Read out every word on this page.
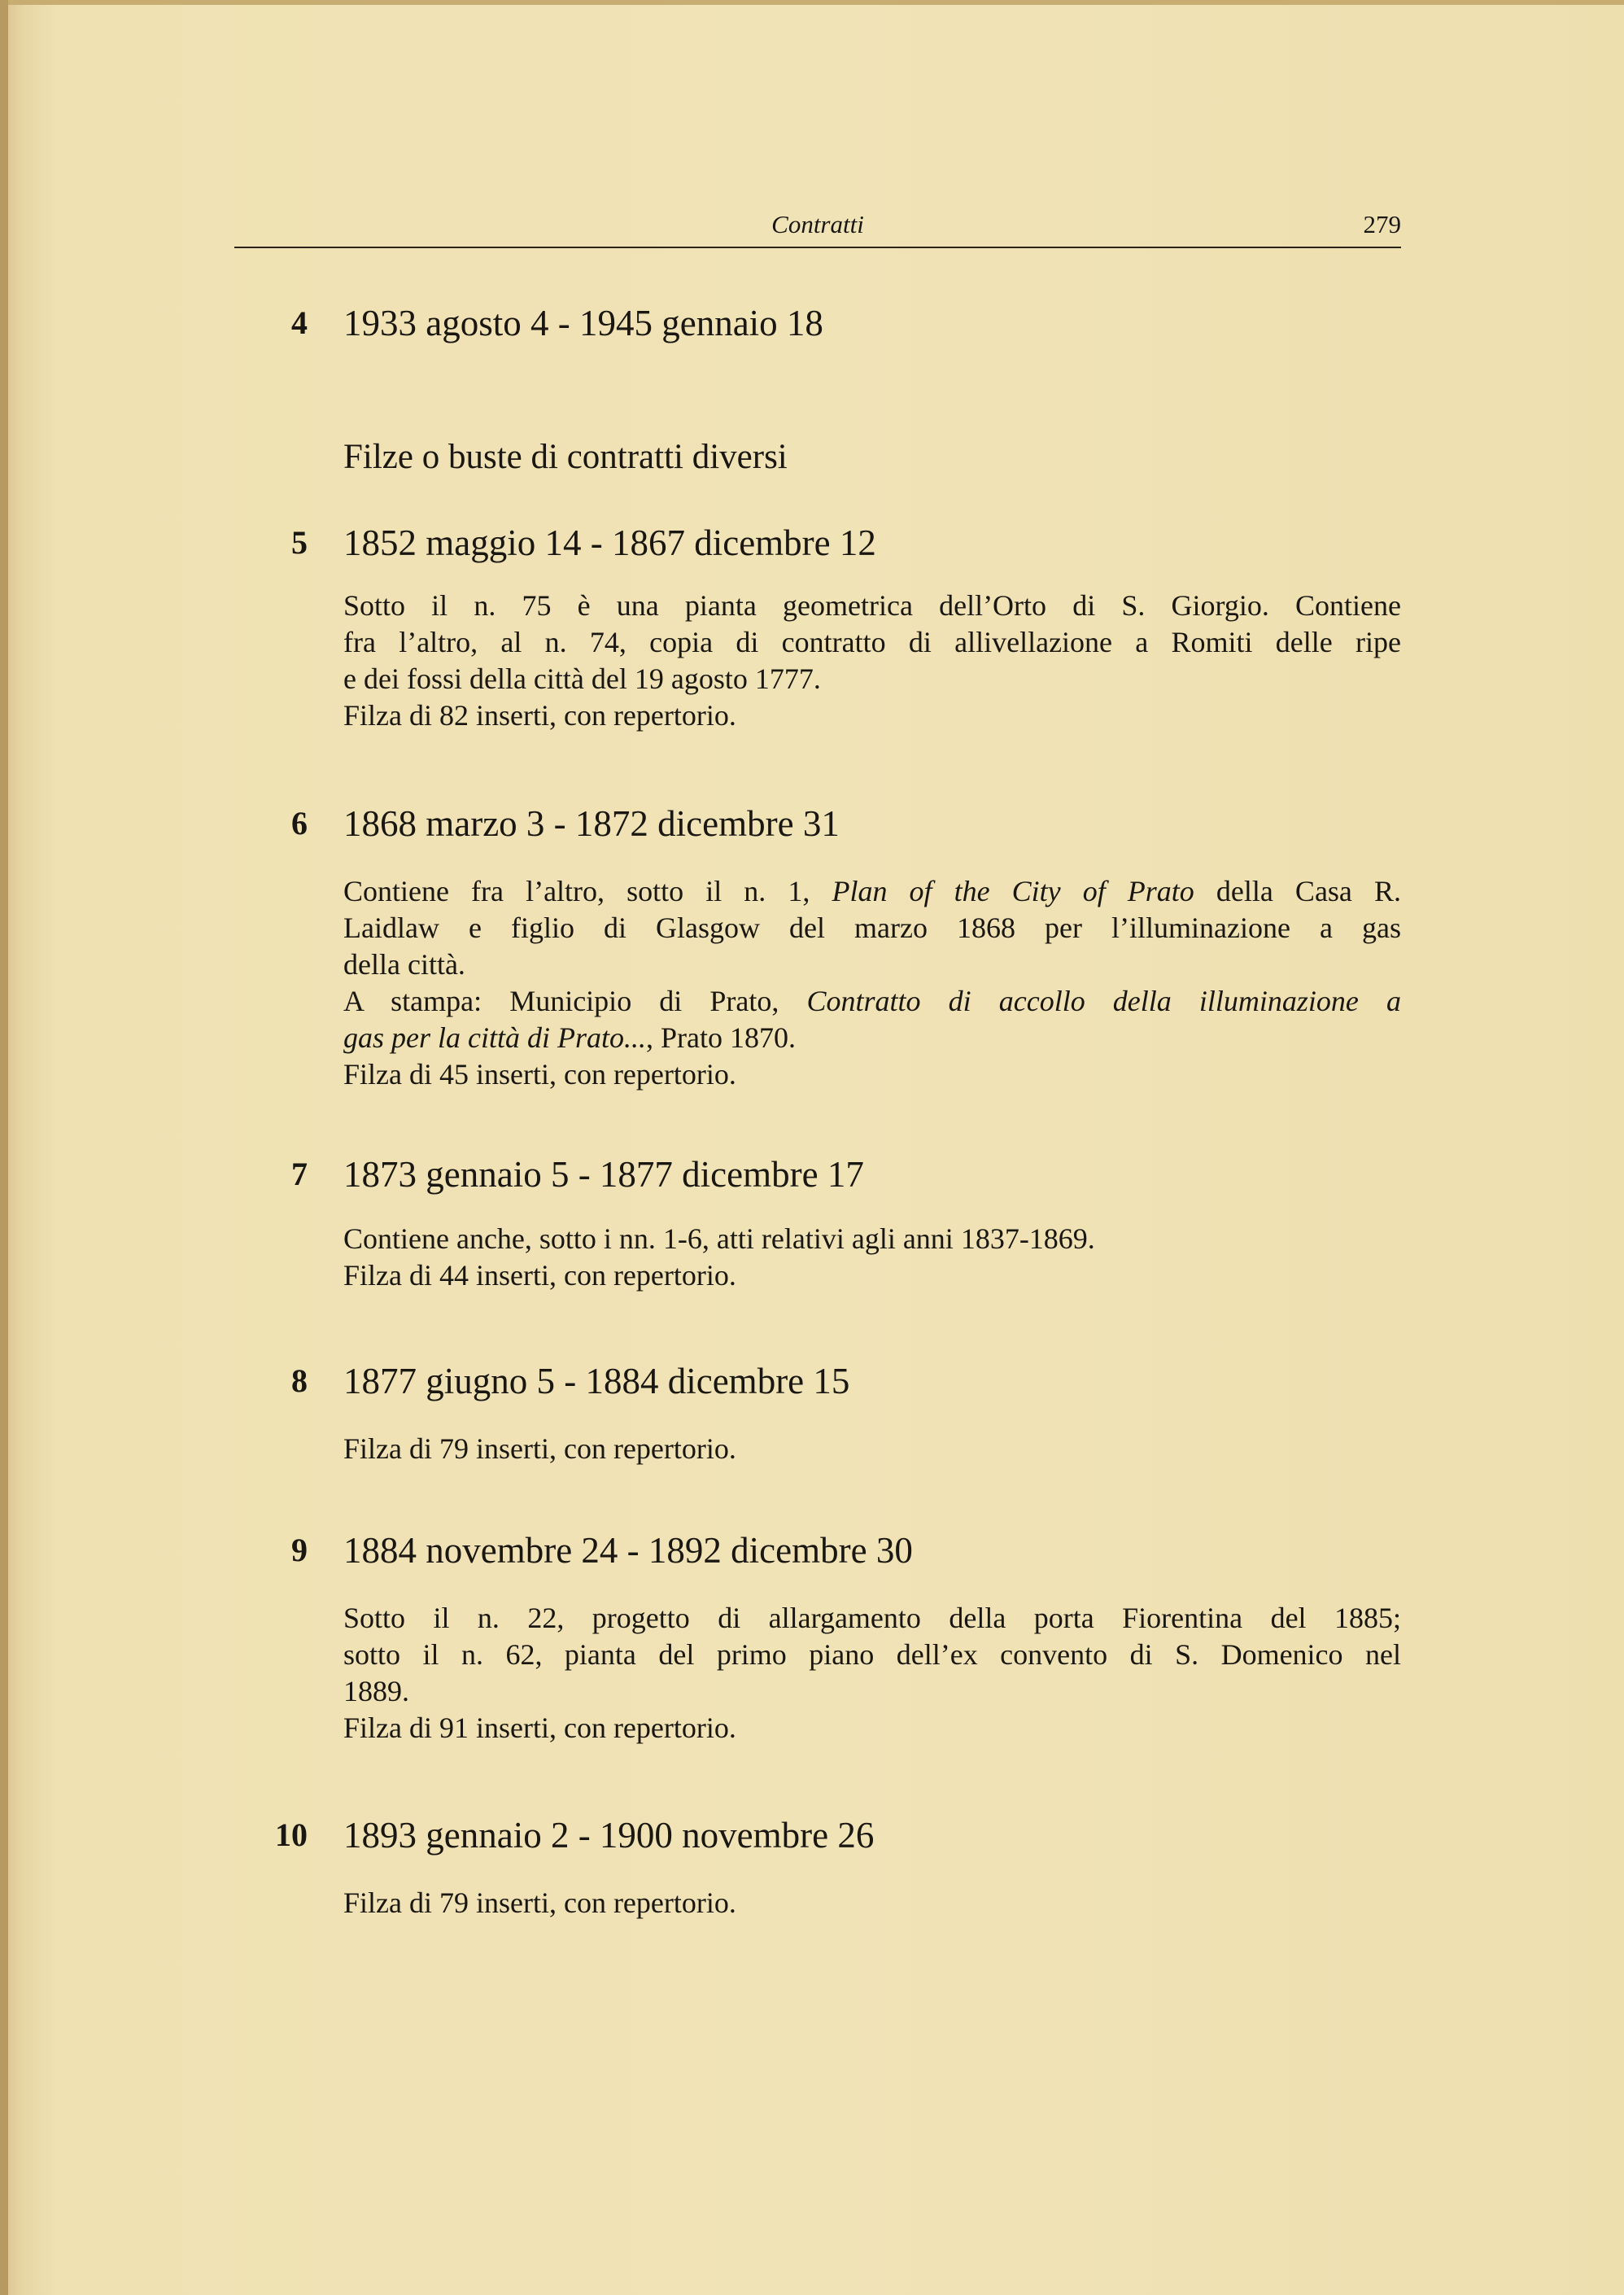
Contratti	279
4 1933 agosto 4 - 1945 gennaio 18
Filze o buste di contratti diversi
5 1852 maggio 14 - 1867 dicembre 12
Sotto il n. 75 è una pianta geometrica dell’Orto di S. Giorgio. Contiene
fra l’altro, al n. 74, copia di contratto di allivellazione a Romiti delle ripe
e dei fossi della città del 19 agosto 1777.
Filza di 82 inserti, con repertorio.
6 1868 marzo 3 - 1872 dicembre 31
Contiene fra l’altro, sotto il n. 1, Plan of the City of Prato della Casa R.
Laidlaw e figlio di Glasgow del marzo 1868 per l’illuminazione a gas
della città.
A stampa: Municipio di Prato, Contratto di accollo della illuminazione a
gas per la città di Prato..., Prato 1870.
Filza di 45 inserti, con repertorio.
7 1873 gennaio 5 - 1877 dicembre 17
Contiene anche, sotto i nn. 1-6, atti relativi agli anni 1837-1869.
Filza di 44 inserti, con repertorio.
8 1877 giugno 5 - 1884 dicembre 15
Filza di 79 inserti, con repertorio.
9 1884 novembre 24 - 1892 dicembre 30
Sotto il n. 22, progetto di allargamento della porta Fiorentina del 1885;
sotto il n. 62, pianta del primo piano dell’ex convento di S. Domenico nel
1889.
Filza di 91 inserti, con repertorio.
10 1893 gennaio 2 - 1900 novembre 26
Filza di 79 inserti, con repertorio.
